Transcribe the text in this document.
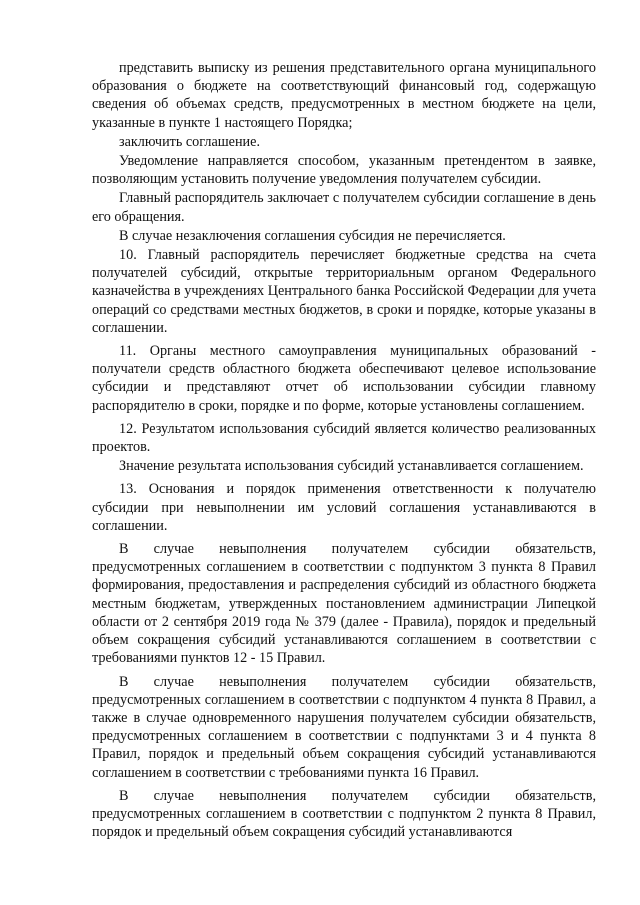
представить выписку из решения представительного органа муниципального образования о бюджете на соответствующий финансовый год, содержащую сведения об объемах средств, предусмотренных в местном бюджете на цели, указанные в пункте 1 настоящего Порядка;

заключить соглашение.

Уведомление направляется способом, указанным претендентом в заявке, позволяющим установить получение уведомления получателем субсидии.

Главный распорядитель заключает с получателем субсидии соглашение в день его обращения.

В случае незаключения соглашения субсидия не перечисляется.

10. Главный распорядитель перечисляет бюджетные средства на счета получателей субсидий, открытые территориальным органом Федерального казначейства в учреждениях Центрального банка Российской Федерации для учета операций со средствами местных бюджетов, в сроки и порядке, которые указаны в соглашении.

11. Органы местного самоуправления муниципальных образований - получатели средств областного бюджета обеспечивают целевое использование субсидии и представляют отчет об использовании субсидии главному распорядителю в сроки, порядке и по форме, которые установлены соглашением.

12. Результатом использования субсидий является количество реализованных проектов.

Значение результата использования субсидий устанавливается соглашением.

13. Основания и порядок применения ответственности к получателю субсидии при невыполнении им условий соглашения устанавливаются в соглашении.

В случае невыполнения получателем субсидии обязательств, предусмотренных соглашением в соответствии с подпунктом 3 пункта 8 Правил формирования, предоставления и распределения субсидий из областного бюджета местным бюджетам, утвержденных постановлением администрации Липецкой области от 2 сентября 2019 года № 379 (далее - Правила), порядок и предельный объем сокращения субсидий устанавливаются соглашением в соответствии с требованиями пунктов 12 - 15 Правил.

В случае невыполнения получателем субсидии обязательств, предусмотренных соглашением в соответствии с подпунктом 4 пункта 8 Правил, а также в случае одновременного нарушения получателем субсидии обязательств, предусмотренных соглашением в соответствии с подпунктами 3 и 4 пункта 8 Правил, порядок и предельный объем сокращения субсидий устанавливаются соглашением в соответствии с требованиями пункта 16 Правил.

В случае невыполнения получателем субсидии обязательств, предусмотренных соглашением в соответствии с подпунктом 2 пункта 8 Правил, порядок и предельный объем сокращения субсидий устанавливаются
